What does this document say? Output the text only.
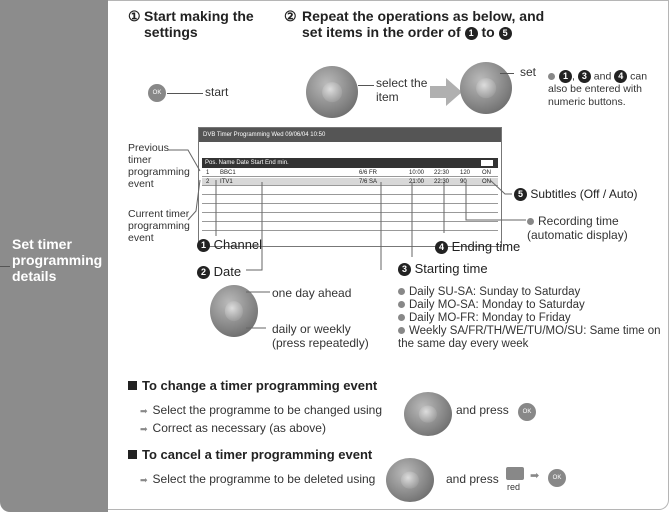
Set timer programming details
① Start making the settings
② Repeat the operations as below, and set items in the order of 1 to 5
OK	start
select the item
set	1 , 3 and 4 can also be entered with numeric buttons.
DVB Timer Programming Wed 09/06/04 10:50
Pos. Name Date Start End min.
1 BBC1	6/6 FR	10:00 22:30 120 ON
2 ITV1	7/6 SA	21:00 22:30 90	ON
Previous timer programming event
Current timer programming event
1 Channel
2 Date
4 Ending time
3 Starting time
5 Subtitles (Off / Auto)
Recording time (automatic display)
one day ahead
daily or weekly (press repeatedly)
Daily SU-SA: Sunday to Saturday
Daily MO-SA: Monday to Saturday
Daily MO-FR: Monday to Friday
Weekly SA/FR/TH/WE/TU/MO/SU: Same time on the same day every week
To change a timer programming event
➡ Select the programme to be changed using	and press	OK
➡ Correct as necessary (as above)
To cancel a timer programming event
➡ Select the programme to be deleted using	and press
red
➡	OK
